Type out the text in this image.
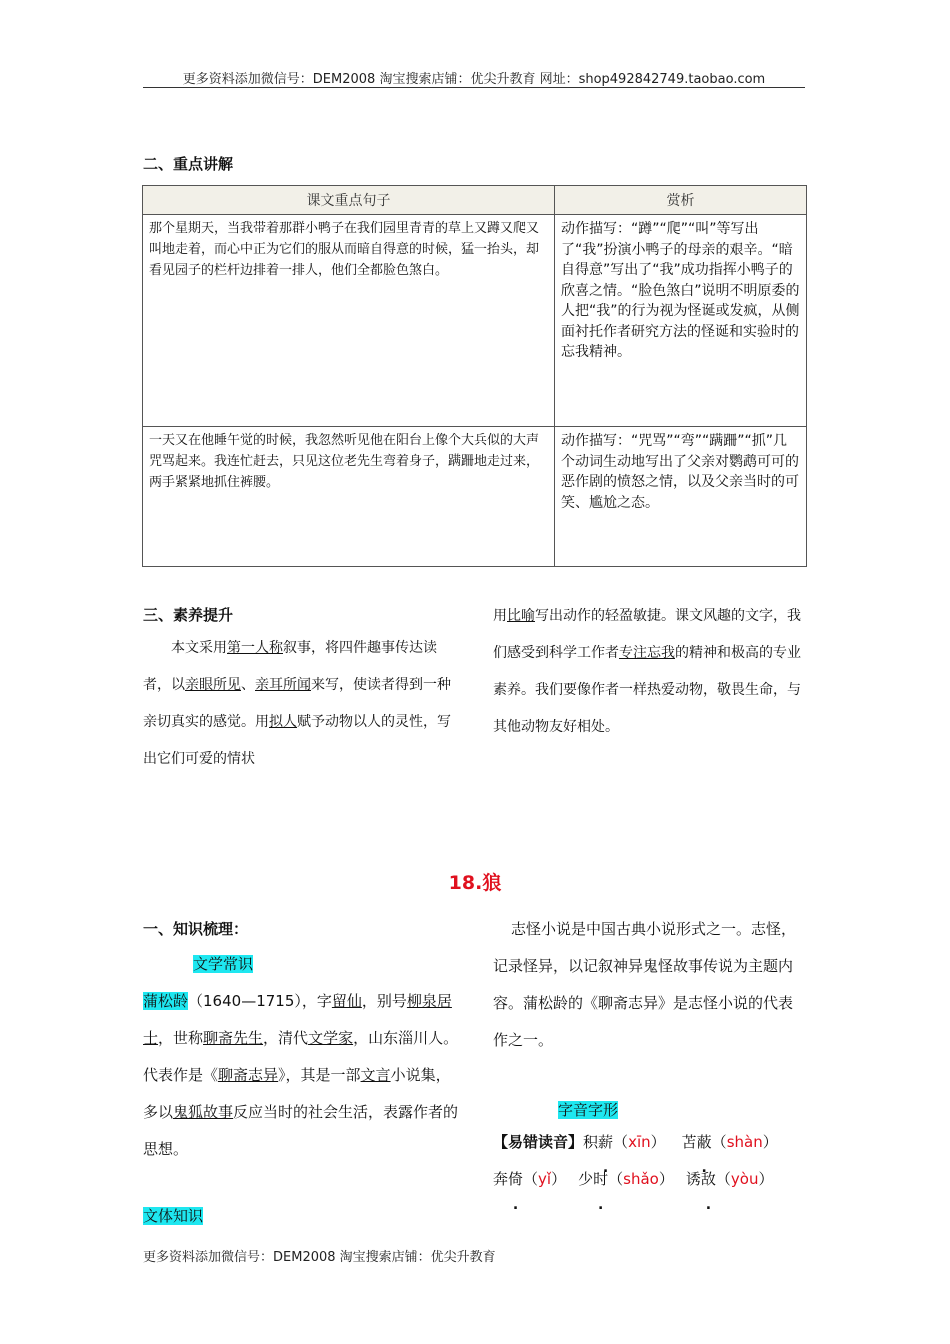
更多资料添加微信号：DEM2008 淘宝搜索店铺：优尖升教育 网址：shop492842749.taobao.com
二、重点讲解
课文重点句子	赏析
那个星期天，当我带着那群小鸭子在我们园里青青的草上又蹲又爬又叫地走着，而心中正为它们的服从而暗自得意的时候，猛一抬头，却看见园子的栏杆边排着一排人，他们全都脸色煞白。	动作描写：“蹲”“爬”“叫”等写出了“我”扮演小鸭子的母亲的艰辛。“暗自得意”写出了“我”成功指挥小鸭子的欣喜之情。“脸色煞白”说明不明原委的人把“我”的行为视为怪诞或发疯，从侧面衬托作者研究方法的怪诞和实验时的忘我精神。
一天又在他睡午觉的时候，我忽然听见他在阳台上像个大兵似的大声咒骂起来。我连忙赶去，只见这位老先生弯着身子，蹒跚地走过来，两手紧紧地抓住裤腰。	动作描写：“咒骂”“弯”“蹒跚”“抓”几个动词生动地写出了父亲对鹦鹉可可的恶作剧的愤怒之情，以及父亲当时的可笑、尴尬之态。
三、素养提升
本文采用第一人称叙事，将四件趣事传达读者，以亲眼所见、亲耳所闻来写，使读者得到一种亲切真实的感觉。用拟人赋予动物以人的灵性，写出它们可爱的情状
用比喻写出动作的轻盈敏捷。课文风趣的文字，我们感受到科学工作者专注忘我的精神和极高的专业素养。我们要像作者一样热爱动物，敬畏生命，与其他动物友好相处。
18.狼
一、知识梳理：
文学常识
蒲松龄（1640—1715），字留仙，别号柳泉居士，世称聊斋先生，清代文学家，山东淄川人。代表作是《聊斋志异》，其是一部文言小说集，多以鬼狐故事反应当时的社会生活，表露作者的思想。
文体知识
志怪小说是中国古典小说形式之一。志怪，记录怪异，以记叙神异鬼怪故事传说为主题内容。蒲松龄的《聊斋志异》是志怪小说的代表作之一。
字音字形
【易错读音】积薪（xīn） 苫蔽（shàn）
奔倚（yǐ） 少时（shǎo） 诱敌（yòu）
更多资料添加微信号：DEM2008 淘宝搜索店铺：优尖升教育
